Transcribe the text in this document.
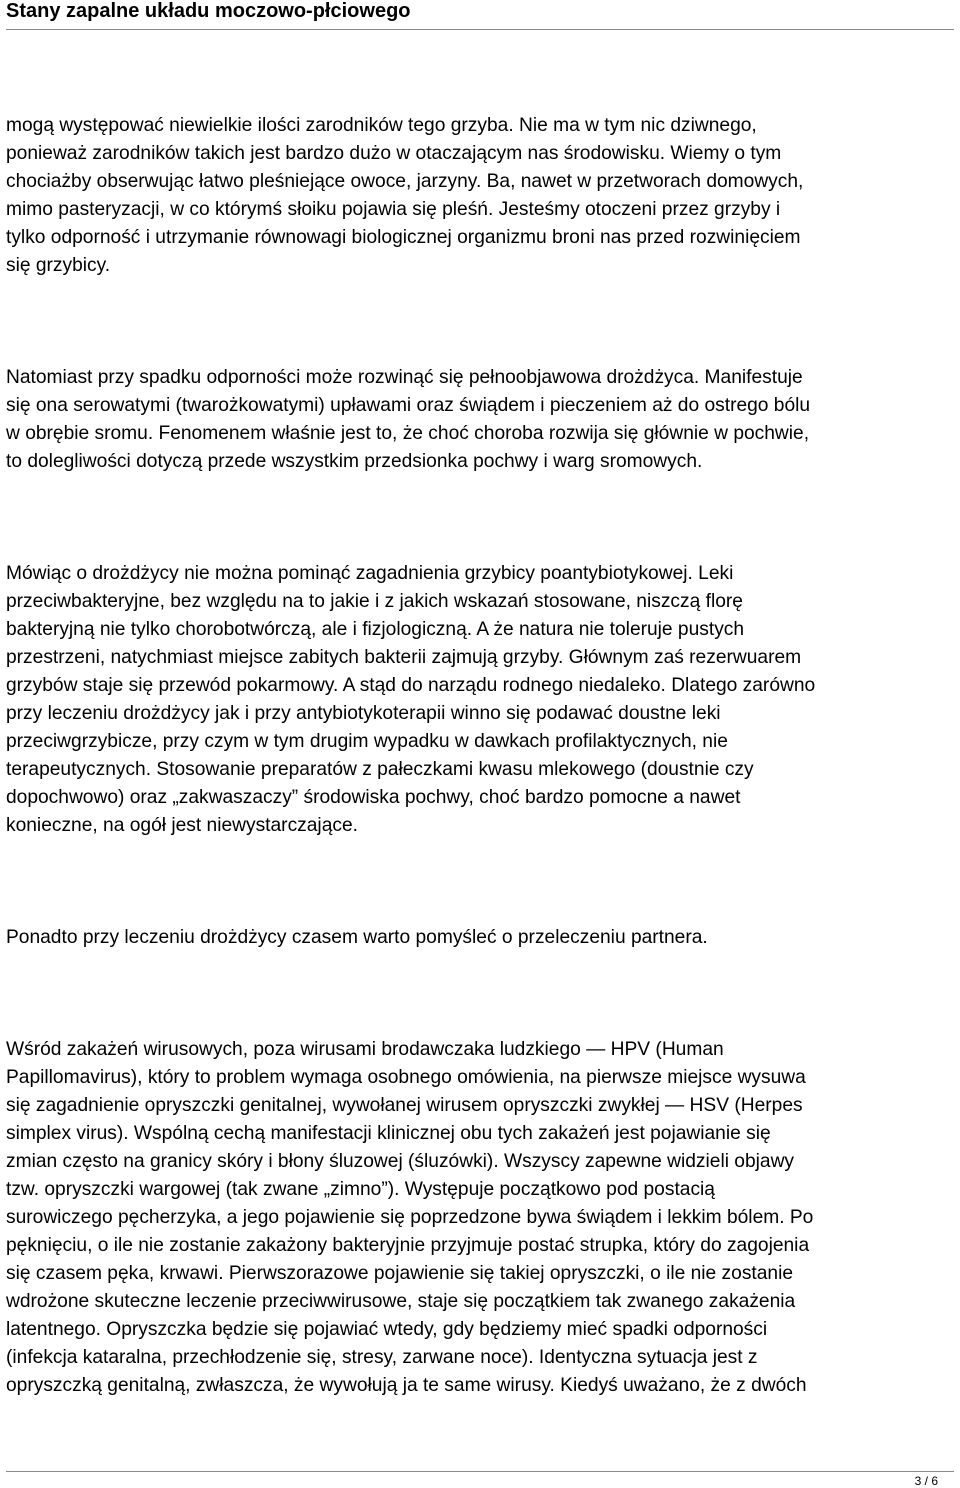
Stany zapalne układu moczowo-płciowego

mogą występować niewielkie ilości zarodników tego grzyba. Nie ma w tym nic dziwnego,

ponieważ zarodników takich jest bardzo dużo w otaczającym nas środowisku. Wiemy o tym

chociażby obserwując łatwo pleśniejące owoce, jarzyny. Ba, nawet w przetworach domowych,

mimo pasteryzacji, w co którymś słoiku pojawia się pleśń. Jesteśmy otoczeni przez grzyby i

tylko odporność i utrzymanie równowagi biologicznej organizmu broni nas przed rozwinięciem

się grzybicy.

Natomiast przy spadku odporności może rozwinąć się pełnoobjawowa drożdżyca. Manifestuje

się ona serowatymi (twarożkowatymi) upławami oraz świądem i pieczeniem aż do ostrego bólu

w obrębie sromu. Fenomenem właśnie jest to, że choć choroba rozwija się głównie w pochwie,

to dolegliwości dotyczą przede wszystkim przedsionka pochwy i warg sromowych.

Mówiąc o drożdżycy nie można pominąć zagadnienia grzybicy poantybiotykowej. Leki

przeciwbakteryjne, bez względu na to jakie i z jakich wskazań stosowane, niszczą florę

bakteryjną nie tylko chorobotwórczą, ale i fizjologiczną. A że natura nie toleruje pustych

przestrzeni, natychmiast miejsce zabitych bakterii zajmują grzyby. Głównym zaś rezerwuarem

grzybów staje się przewód pokarmowy. A stąd do narządu rodnego niedaleko. Dlatego zarówno

przy leczeniu drożdżycy jak i przy antybiotykoterapii winno się podawać doustne leki

przeciwgrzybicze, przy czym w tym drugim wypadku w dawkach profilaktycznych, nie

terapeutycznych. Stosowanie preparatów z pałeczkami kwasu mlekowego (doustnie czy

dopochwowo) oraz „zakwaszaczy” środowiska pochwy, choć bardzo pomocne a nawet

konieczne, na ogół jest niewystarczające.

Ponadto przy leczeniu drożdżycy czasem warto pomyśleć o przeleczeniu partnera.

Wśród zakażeń wirusowych, poza wirusami brodawczaka ludzkiego — HPV (Human

Papillomavirus), który to problem wymaga osobnego omówienia, na pierwsze miejsce wysuwa

się zagadnienie opryszczki genitalnej, wywołanej wirusem opryszczki zwykłej — HSV (Herpes

simplex virus). Wspólną cechą manifestacji klinicznej obu tych zakażeń jest pojawianie się

zmian często na granicy skóry i błony śluzowej (śluzówki). Wszyscy zapewne widzieli objawy

tzw. opryszczki wargowej (tak zwane „zimno”). Występuje początkowo pod postacią

surowiczego pęcherzyka, a jego pojawienie się poprzedzone bywa świądem i lekkim bólem. Po

pęknięciu, o ile nie zostanie zakażony bakteryjnie przyjmuje postać strupka, który do zagojenia

się czasem pęka, krwawi. Pierwszorazowe pojawienie się takiej opryszczki, o ile nie zostanie

wdrożone skuteczne leczenie przeciwwirusowe, staje się początkiem tak zwanego zakażenia

latentnego. Opryszczka będzie się pojawiać wtedy, gdy będziemy mieć spadki odporności

(infekcja kataralna, przechłodzenie się, stresy, zarwane noce). Identyczna sytuacja jest z

opryszczką genitalną, zwłaszcza, że wywołują ja te same wirusy. Kiedyś uważano, że z dwóch

3 / 6
